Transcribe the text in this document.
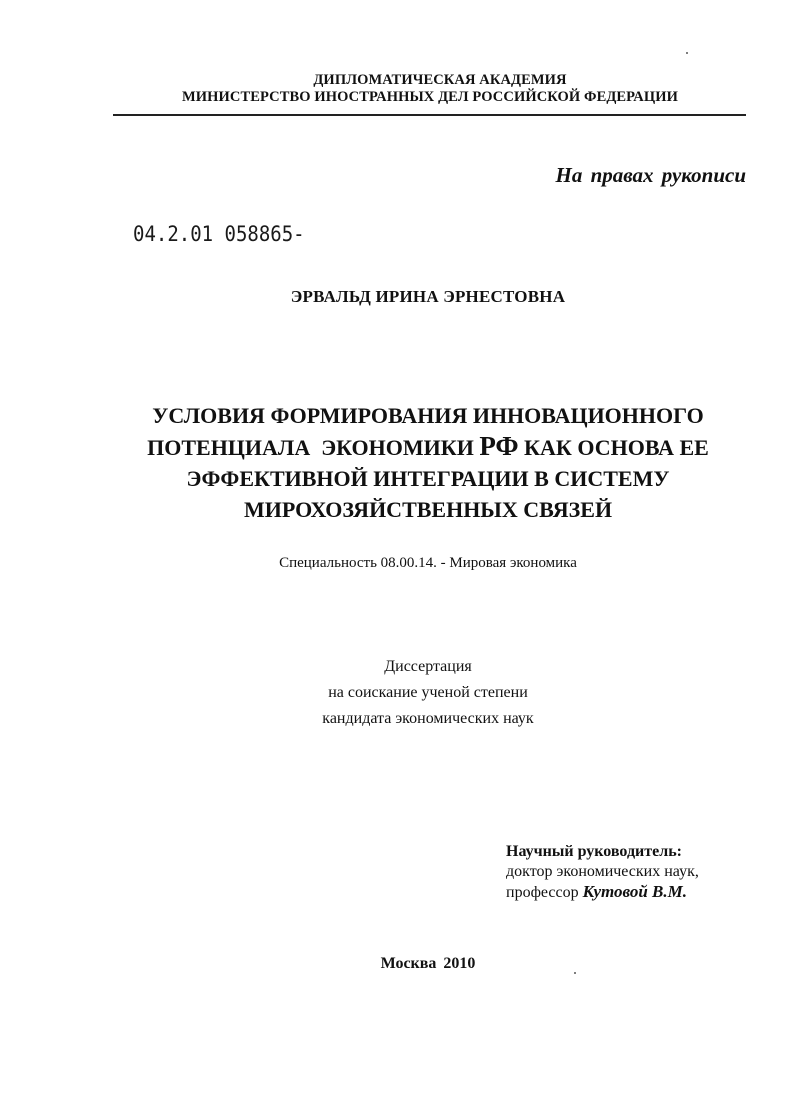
ДИПЛОМАТИЧЕСКАЯ АКАДЕМИЯ
МИНИСТЕРСТВО ИНОСТРАННЫХ ДЕЛ РОССИЙСКОЙ ФЕДЕРАЦИИ
На правах рукописи
04.2.01 058865-
ЭРВАЛЬД ИРИНА ЭРНЕСТОВНА
УСЛОВИЯ ФОРМИРОВАНИЯ ИННОВАЦИОННОГО
ПОТЕНЦИАЛА  ЭКОНОМИКИ РФ КАК ОСНОВА ЕЕ
ЭФФЕКТИВНОЙ ИНТЕГРАЦИИ В СИСТЕМУ
МИРОХОЗЯЙСТВЕННЫХ СВЯЗЕЙ
Специальность 08.00.14. - Мировая экономика
Диссертация
на соискание ученой степени
кандидата экономических наук
Научный руководитель:
доктор экономических наук,
профессор Кутовой В.М.
Москва 2010
